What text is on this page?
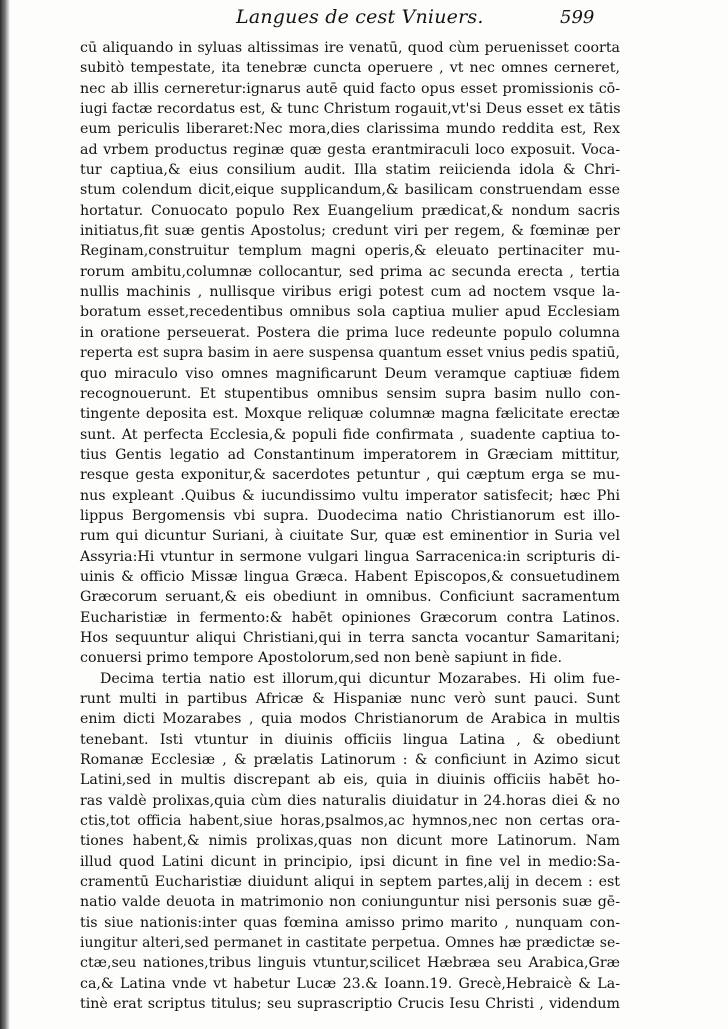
Langues de cest Vniuers.	599
cū aliquando in syluas altissimas ire venatū, quod cùm peruenisset coorta
subitò tempestate, ita tenebræ cuncta operuere , vt nec omnes cerneret,
nec ab illis cerneretur:ignarus autē quid facto opus esset promissionis cō-
iugi factæ recordatus est, & tunc Christum rogauit,vt'si Deus esset ex tātis
eum periculis liberaret:Nec mora,dies clarissima mundo reddita est, Rex
ad vrbem productus reginæ quæ gesta erantmiraculi loco exposuit. Voca-
tur captiua,& eius consilium audit. Illa statim reiicienda idola & Chri-
stum colendum dicit,eique supplicandum,& basilicam construendam esse
hortatur. Conuocato populo Rex Euangelium prædicat,& nondum sacris
initiatus,fit suæ gentis Apostolus; credunt viri per regem, & fœminæ per
Reginam,construitur templum magni operis,& eleuato pertinaciter mu-
rorum ambitu,columnæ collocantur, sed prima ac secunda erecta , tertia
nullis machinis , nullisque viribus erigi potest cum ad noctem vsque la-
boratum esset,recedentibus omnibus sola captiua mulier apud Ecclesiam
in oratione perseuerat. Postera die prima luce redeunte populo columna
reperta est supra basim in aere suspensa quantum esset vnius pedis spatiū,
quo miraculo viso omnes magnificarunt Deum veramque captiuæ fidem
recognouerunt. Et stupentibus omnibus sensim supra basim nullo con-
tingente deposita est. Moxque reliquæ columnæ magna fælicitate erectæ
sunt. At perfecta Ecclesia,& populi fide confirmata , suadente captiua to-
tius Gentis legatio ad Constantinum imperatorem in Græciam mittitur,
resque gesta exponitur,& sacerdotes petuntur , qui cæptum erga se mu-
nus expleant .Quibus & iucundissimo vultu imperator satisfecit; hæc Phi
lippus Bergomensis vbi supra. Duodecima natio Christianorum est illo-
rum qui dicuntur Suriani, à ciuitate Sur, quæ est eminentior in Suria vel
Assyria:Hi vtuntur in sermone vulgari lingua Sarracenica:in scripturis di-
uinis & officio Missæ lingua Græca. Habent Episcopos,& consuetudinem
Græcorum seruant,& eis obediunt in omnibus. Conficiunt sacramentum
Eucharistiæ in fermento:& habēt opiniones Græcorum contra Latinos.
Hos sequuntur aliqui Christiani,qui in terra sancta vocantur Samaritani;
conuersi primo tempore Apostolorum,sed non benè sapiunt in fide.
Decima tertia natio est illorum,qui dicuntur Mozarabes. Hi olim fue-
runt multi in partibus Africæ & Hispaniæ nunc verò sunt pauci. Sunt
enim dicti Mozarabes , quia modos Christianorum de Arabica in multis
tenebant. Isti vtuntur in diuinis officiis lingua Latina , & obediunt
Romanæ Ecclesiæ , & prælatis Latinorum : & conficiunt in Azimo sicut
Latini,sed in multis discrepant ab eis, quia in diuinis officiis habēt ho-
ras valdè prolixas,quia cùm dies naturalis diuidatur in 24.horas diei & no
ctis,tot officia habent,siue horas,psalmos,ac hymnos,nec non certas ora-
tiones habent,& nimis prolixas,quas non dicunt more Latinorum. Nam
illud quod Latini dicunt in principio, ipsi dicunt in fine vel in medio:Sa-
cramentū Eucharistiæ diuidunt aliqui in septem partes,alij in decem : est
natio valde deuota in matrimonio non coniunguntur nisi personis suæ gē-
tis siue nationis:inter quas fœmina amisso primo marito , nunquam con-
iungitur alteri,sed permanet in castitate perpetua. Omnes hæ prædictæ se-
ctæ,seu nationes,tribus linguis vtuntur,scilicet Hæbræa seu Arabica,Græ
ca,& Latina vnde vt habetur Lucæ 23.& Ioann.19. Grecè,Hebraicè & La-
tinè erat scriptus titulus; seu suprascriptio Crucis Iesu Christi , videndum
